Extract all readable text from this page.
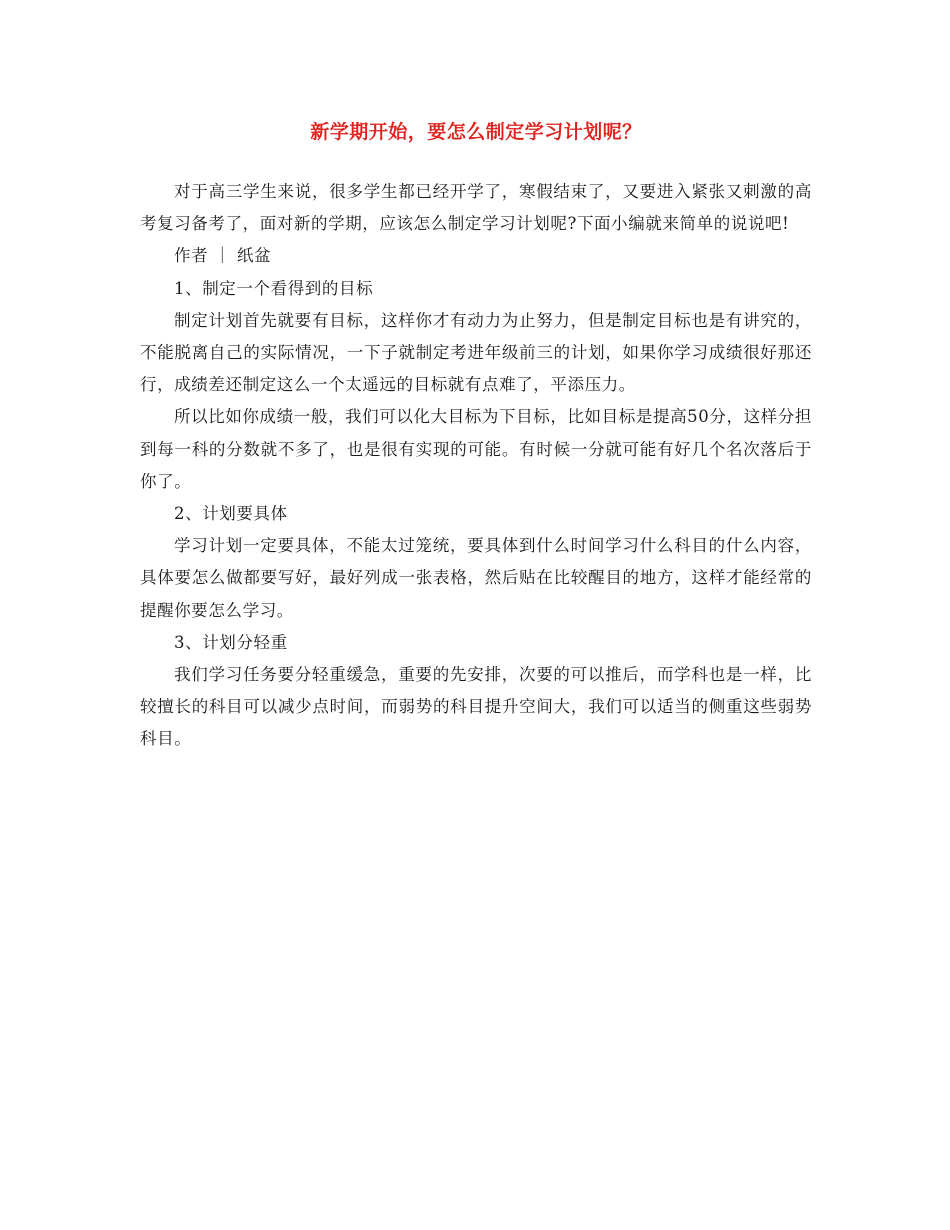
新学期开始，要怎么制定学习计划呢？

对于高三学生来说，很多学生都已经开学了，寒假结束了，又要进入紧张又刺激的高考复习备考了，面对新的学期，应该怎么制定学习计划呢?下面小编就来简单的说说吧!

作者 ｜ 纸盆

1、制定一个看得到的目标

制定计划首先就要有目标，这样你才有动力为止努力，但是制定目标也是有讲究的，不能脱离自己的实际情况，一下子就制定考进年级前三的计划，如果你学习成绩很好那还行，成绩差还制定这么一个太遥远的目标就有点难了，平添压力。

所以比如你成绩一般，我们可以化大目标为下目标，比如目标是提高50分，这样分担到每一科的分数就不多了，也是很有实现的可能。有时候一分就可能有好几个名次落后于你了。

2、计划要具体

学习计划一定要具体，不能太过笼统，要具体到什么时间学习什么科目的什么内容，具体要怎么做都要写好，最好列成一张表格，然后贴在比较醒目的地方，这样才能经常的提醒你要怎么学习。

3、计划分轻重

我们学习任务要分轻重缓急，重要的先安排，次要的可以推后，而学科也是一样，比较擅长的科目可以减少点时间，而弱势的科目提升空间大，我们可以适当的侧重这些弱势科目。
